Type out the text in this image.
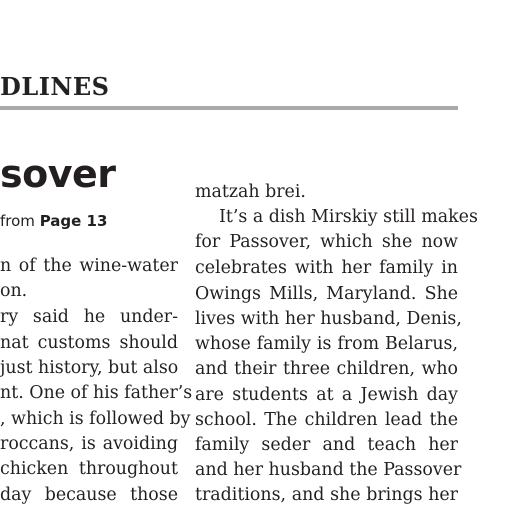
DLINES
sover
from Page 13
n of the wine-water
on.
ry said he under-
nat customs should
just history, but also
nt. One of his father’s
, which is followed by
roccans, is avoiding
chicken throughout
day because those
matzah brei.
It’s a dish Mirskiy still makes
for Passover, which she now
celebrates with her family in
Owings Mills, Maryland. She
lives with her husband, Denis,
whose family is from Belarus,
and their three children, who
are students at a Jewish day
school. The children lead the
family seder and teach her
and her husband the Passover
traditions, and she brings her
